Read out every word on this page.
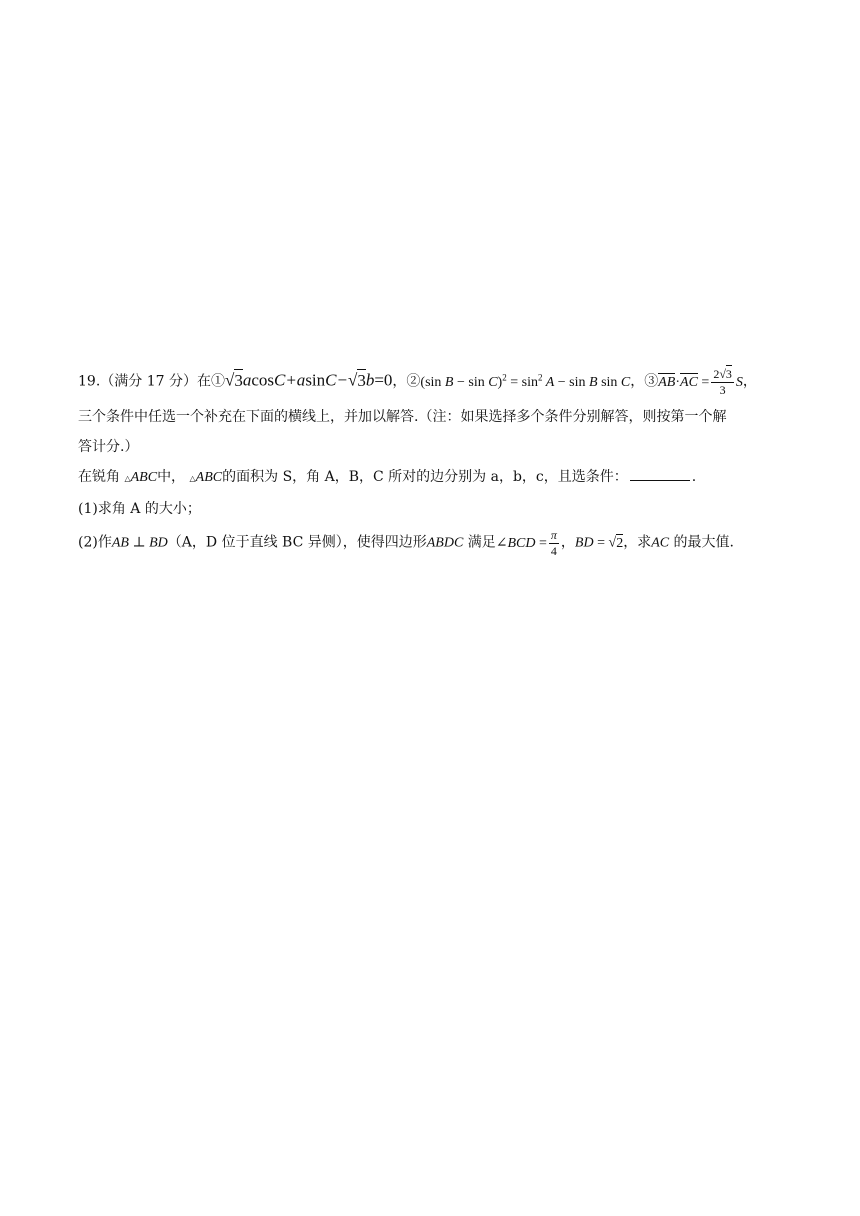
19.（满分 17 分）在①√3acosC+asinC−√3b=0，②(sin $B - \sin C)^2 = \sin^2 A - \sin B$ sin C，③AB·AC = $\frac{2√3}{3}$ S，
三个条件中任选一个补充在下面的横线上，并加以解答.（注：如果选择多个条件分别解答，则按第一个解
答计分.）
在锐角 △ABC中， △ABC的面积为 S，角 A，B，C 所对的边分别为 a，b，c，且选条件：	.
(1)求角 A 的大小；
(2)作AB ⊥ BD（A，D 位于直线 BC 异侧），使得四边形ABDC 满足∠BCD = $\frac{\pi}{4}$ ，BD = √2，求AC 的最大值.
